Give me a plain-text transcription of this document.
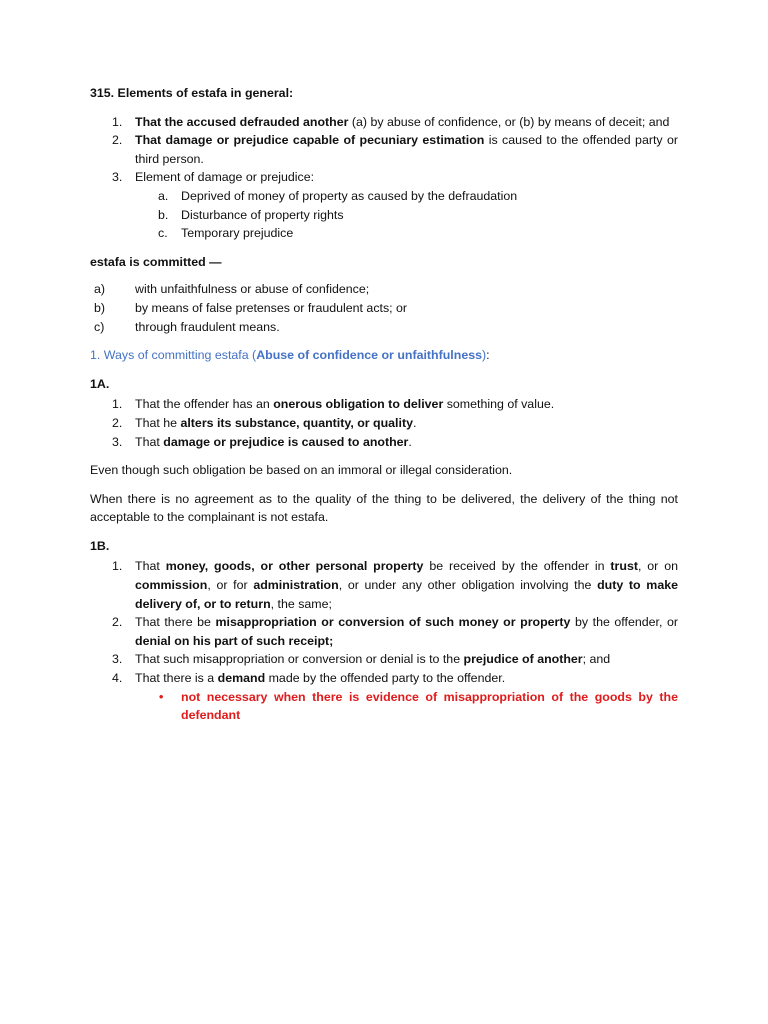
315. Elements of estafa in general:

1. That the accused defrauded another (a) by abuse of confidence, or (b) by means of deceit; and
2. That damage or prejudice capable of pecuniary estimation is caused to the offended party or third person.
3. Element of damage or prejudice:
a. Deprived of money of property as caused by the defraudation
b. Disturbance of property rights
c. Temporary prejudice

estafa is committed —

a) with unfaithfulness or abuse of confidence;
b) by means of false pretenses or fraudulent acts; or
c) through fraudulent means.

1. Ways of committing estafa (Abuse of confidence or unfaithfulness):

1A.

1. That the offender has an onerous obligation to deliver something of value.
2. That he alters its substance, quantity, or quality.
3. That damage or prejudice is caused to another.

Even though such obligation be based on an immoral or illegal consideration.

When there is no agreement as to the quality of the thing to be delivered, the delivery of the thing not acceptable to the complainant is not estafa.

1B.

1. That money, goods, or other personal property be received by the offender in trust, or on commission, or for administration, or under any other obligation involving the duty to make delivery of, or to return, the same;
2. That there be misappropriation or conversion of such money or property by the offender, or denial on his part of such receipt;
3. That such misappropriation or conversion or denial is to the prejudice of another; and
4. That there is a demand made by the offended party to the offender.
• not necessary when there is evidence of misappropriation of the goods by the defendant
